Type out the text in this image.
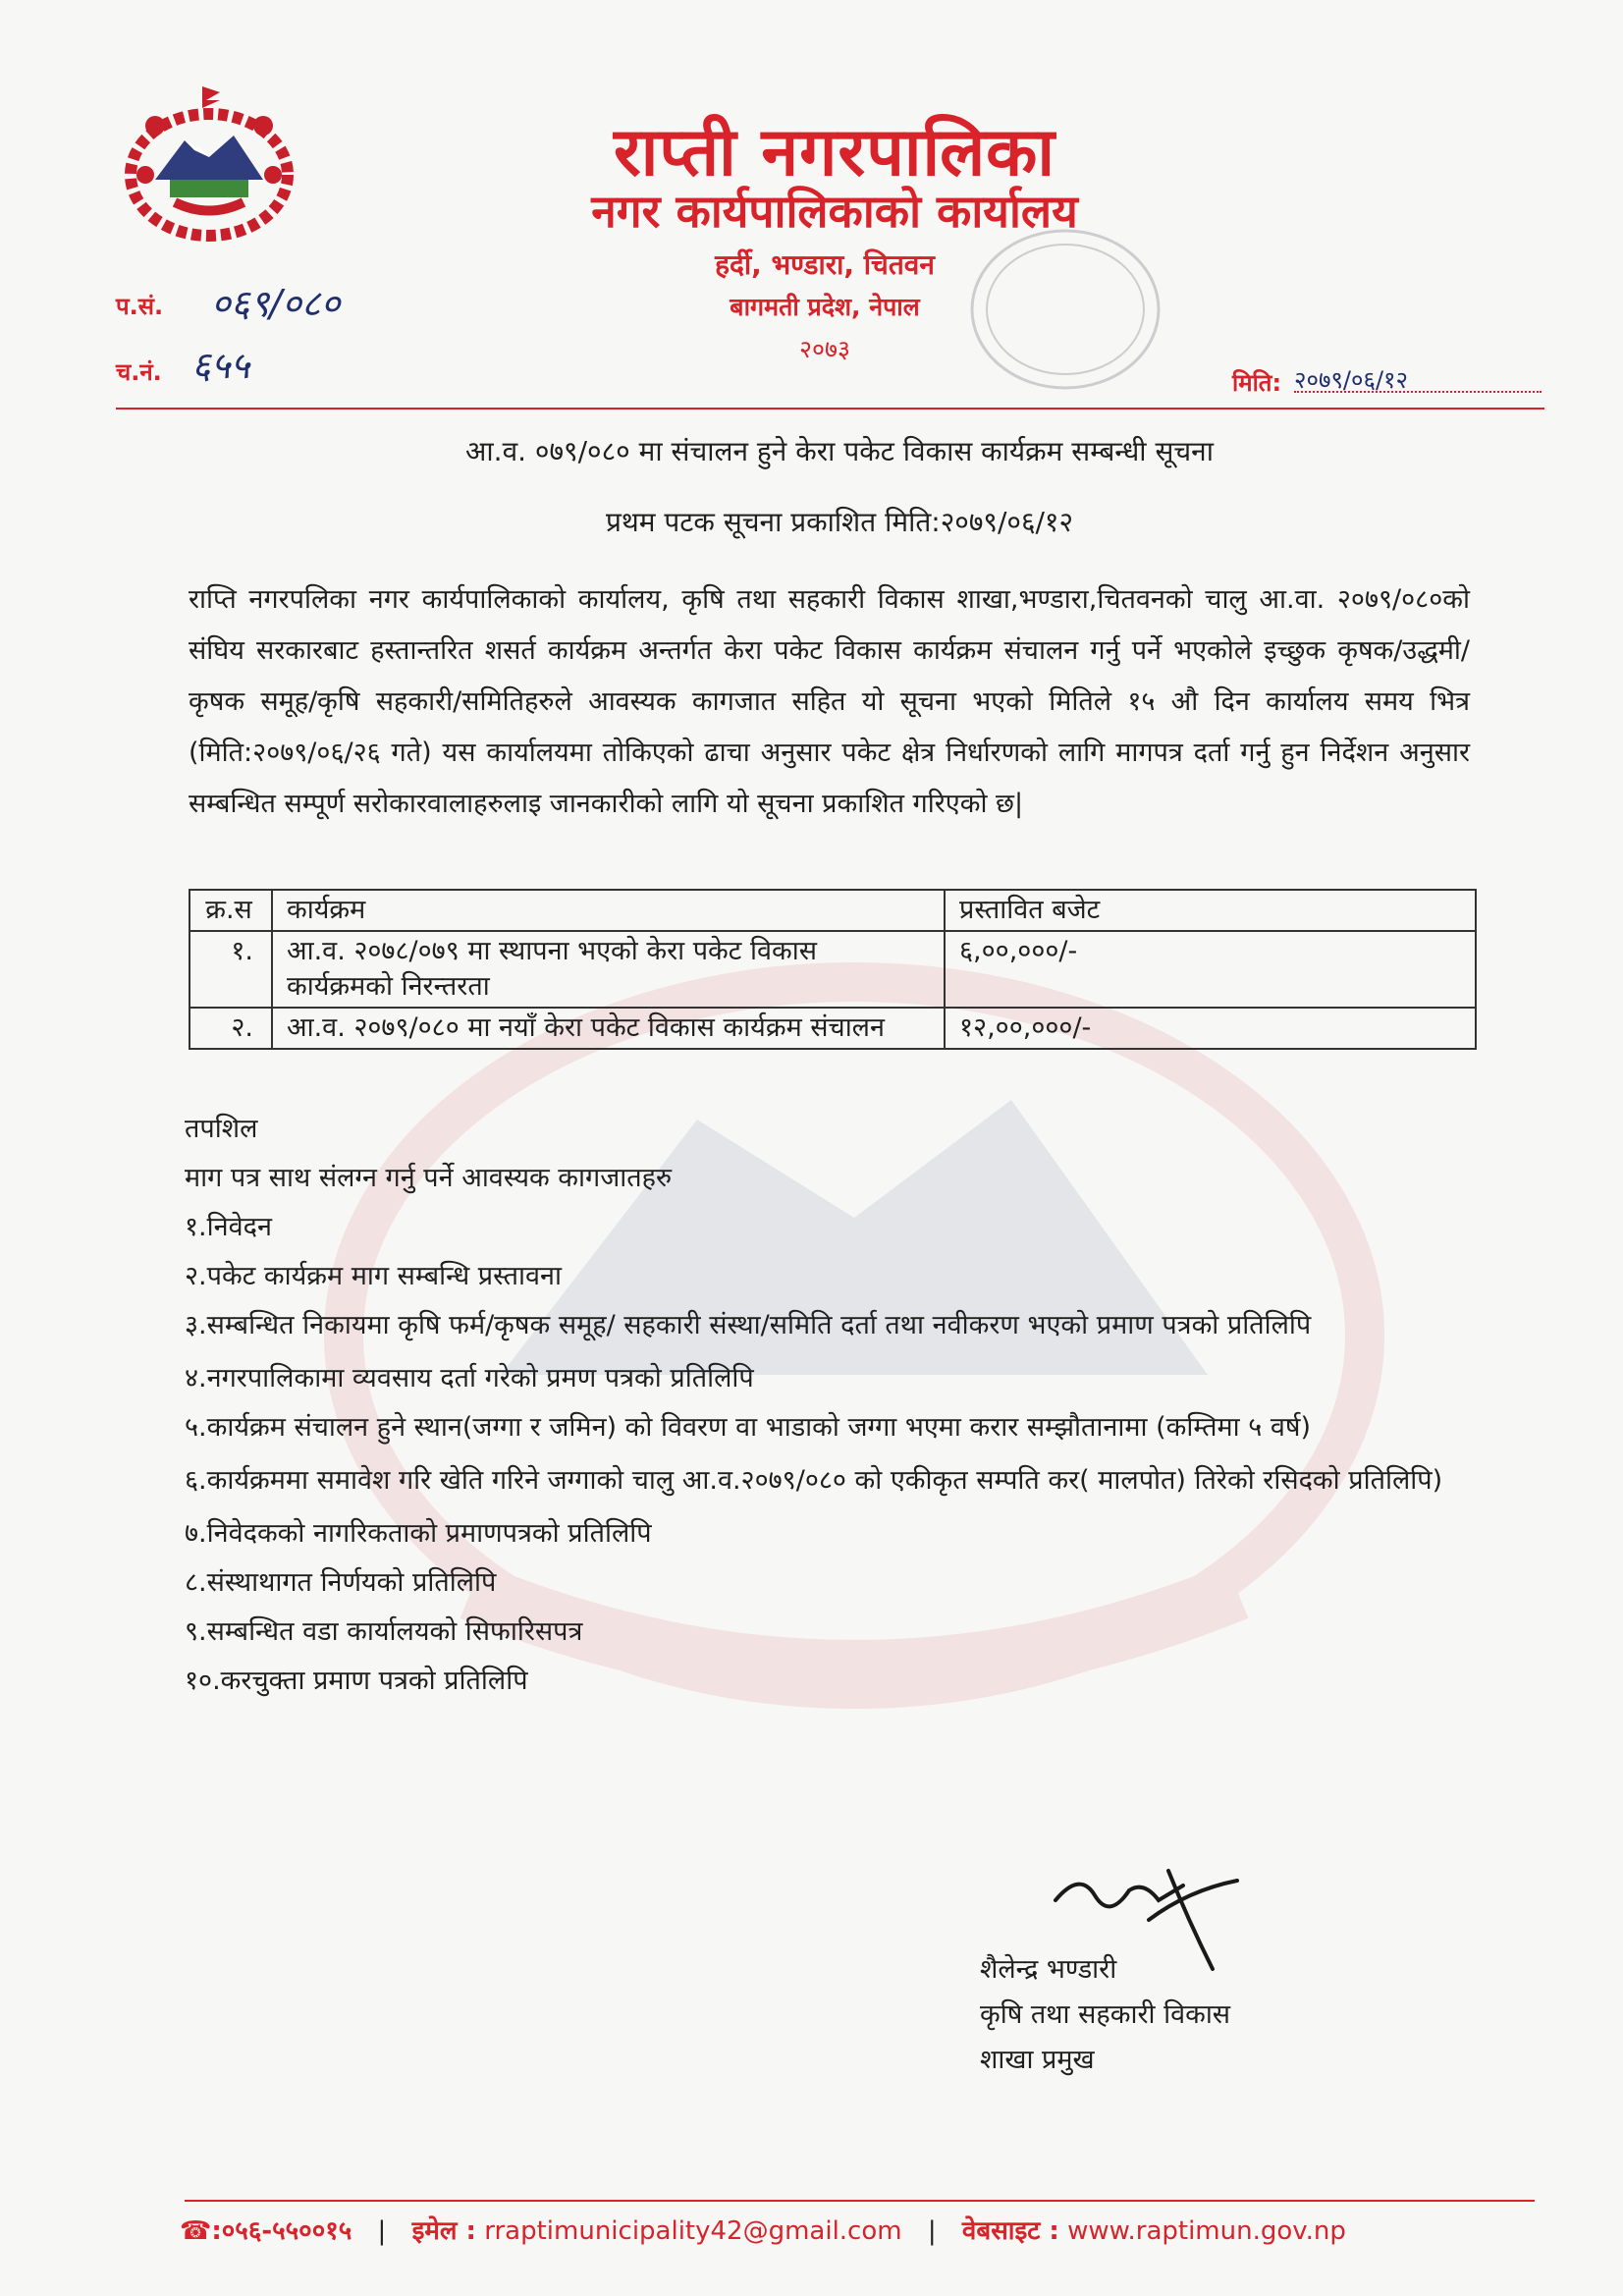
राप्ती नगरपालिका
नगर कार्यपालिकाको कार्यालय
हर्दी, भण्डारा, चितवन
बागमती प्रदेश, नेपाल
२०७३
प.सं. ०६९/०८०
च.नं. ६५५	मिति: २०७९/०६/१२
आ.व. ०७९/०८० मा संचालन हुने केरा पकेट विकास कार्यक्रम सम्बन्धी सूचना
प्रथम पटक सूचना प्रकाशित मिति:२०७९/०६/१२
राप्ति नगरपलिका नगर कार्यपालिकाको कार्यालय, कृषि तथा सहकारी विकास शाखा,भण्डारा,चितवनको चालु आ.वा. २०७९/०८०को संघिय सरकारबाट हस्तान्तरित शसर्त कार्यक्रम अन्तर्गत केरा पकेट विकास कार्यक्रम संचालन गर्नु पर्ने भएकोले इच्छुक कृषक/उद्धमी/कृषक समूह/कृषि सहकारी/समितिहरुले आवस्यक कागजात सहित यो सूचना भएको मितिले १५ औ दिन कार्यालय समय भित्र (मिति:२०७९/०६/२६ गते) यस कार्यालयमा तोकिएको ढाचा अनुसार पकेट क्षेत्र निर्धारणको लागि मागपत्र दर्ता गर्नु हुन निर्देशन अनुसार सम्बन्धित सम्पूर्ण सरोकारवालाहरुलाइ जानकारीको लागि यो सूचना प्रकाशित गरिएको छ|
क्र.स	कार्यक्रम	प्रस्तावित बजेट
१.	आ.व. २०७८/०७९ मा स्थापना भएको केरा पकेट विकास कार्यक्रमको निरन्तरता	६,००,०००/-
२.	आ.व. २०७९/०८० मा नयाँ केरा पकेट विकास कार्यक्रम संचालन	१२,००,०००/-
तपशिल
माग पत्र साथ संलग्न गर्नु पर्ने आवस्यक कागजातहरु
१.निवेदन
२.पकेट कार्यक्रम माग सम्बन्धि प्रस्तावना
३.सम्बन्धित निकायमा कृषि फर्म/कृषक समूह/ सहकारी संस्था/समिति दर्ता तथा नवीकरण भएको प्रमाण पत्रको प्रतिलिपि
४.नगरपालिकामा व्यवसाय दर्ता गरेको प्रमण पत्रको प्रतिलिपि
५.कार्यक्रम संचालन हुने स्थान(जग्गा र जमिन) को विवरण वा भाडाको जग्गा भएमा करार सम्झौतानामा (कम्तिमा ५ वर्ष)
६.कार्यक्रममा समावेश गरि खेति गरिने जग्गाको चालु आ.व.२०७९/०८० को एकीकृत सम्पति कर( मालपोत) तिरेको रसिदको प्रतिलिपि)
७.निवेदकको नागरिकताको प्रमाणपत्रको प्रतिलिपि
८.संस्थाथागत निर्णयको प्रतिलिपि
९.सम्बन्धित वडा कार्यालयको सिफारिसपत्र
१०.करचुक्ता प्रमाण पत्रको प्रतिलिपि
शैलेन्द्र भण्डारी
कृषि तथा सहकारी विकास
शाखा प्रमुख
☎:०५६-५५००१५ | इमेल : rraptimunicipality42@gmail.com | वेबसाइट : www.raptimun.gov.np
